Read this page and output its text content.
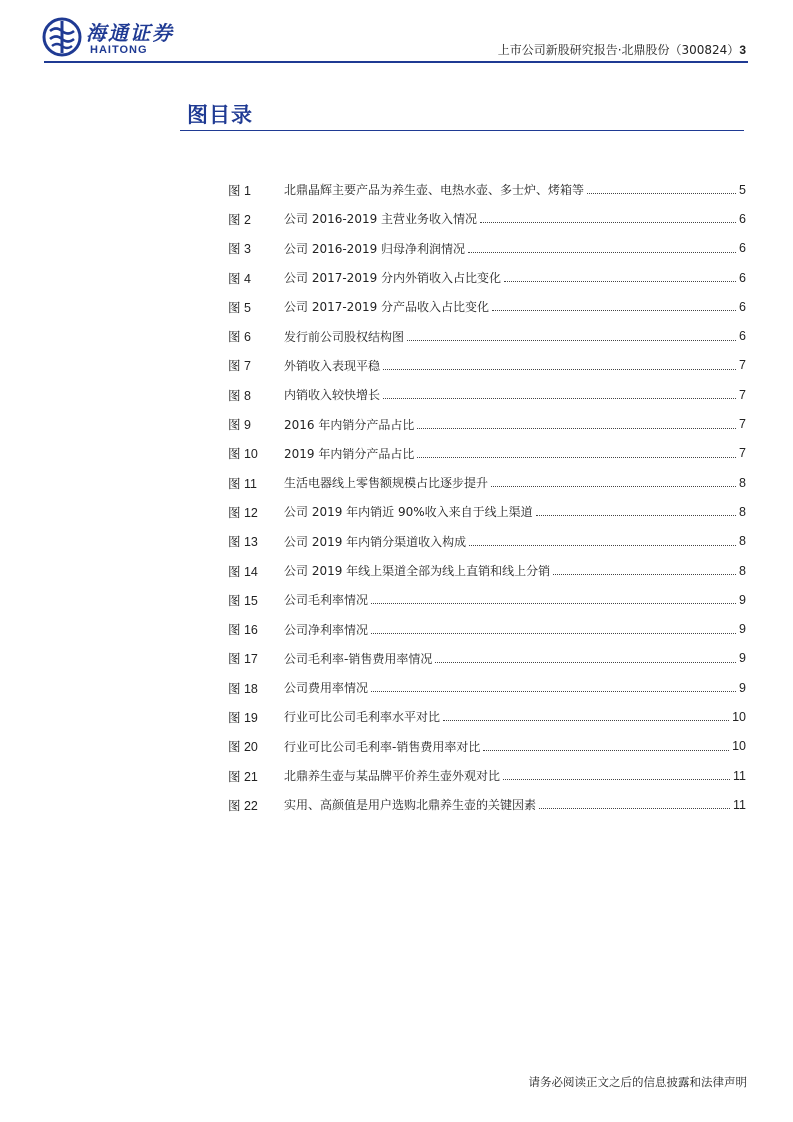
海通证券
HAITONG	上市公司新股研究报告·北鼎股份（300824）3
图目录
图 1	北鼎晶辉主要产品为养生壶、电热水壶、多士炉、烤箱等	5
图 2	公司 2016-2019 主营业务收入情况	6
图 3	公司 2016-2019 归母净利润情况	6
图 4	公司 2017-2019 分内外销收入占比变化	6
图 5	公司 2017-2019 分产品收入占比变化	6
图 6	发行前公司股权结构图	6
图 7	外销收入表现平稳	7
图 8	内销收入较快增长	7
图 9	2016 年内销分产品占比	7
图 10	2019 年内销分产品占比	7
图 11	生活电器线上零售额规模占比逐步提升	8
图 12	公司 2019 年内销近 90%收入来自于线上渠道	8
图 13	公司 2019 年内销分渠道收入构成	8
图 14	公司 2019 年线上渠道全部为线上直销和线上分销	8
图 15	公司毛利率情况	9
图 16	公司净利率情况	9
图 17	公司毛利率-销售费用率情况	9
图 18	公司费用率情况	9
图 19	行业可比公司毛利率水平对比	10
图 20	行业可比公司毛利率-销售费用率对比	10
图 21	北鼎养生壶与某品牌平价养生壶外观对比	11
图 22	实用、高颜值是用户选购北鼎养生壶的关键因素	11
请务必阅读正文之后的信息披露和法律声明
